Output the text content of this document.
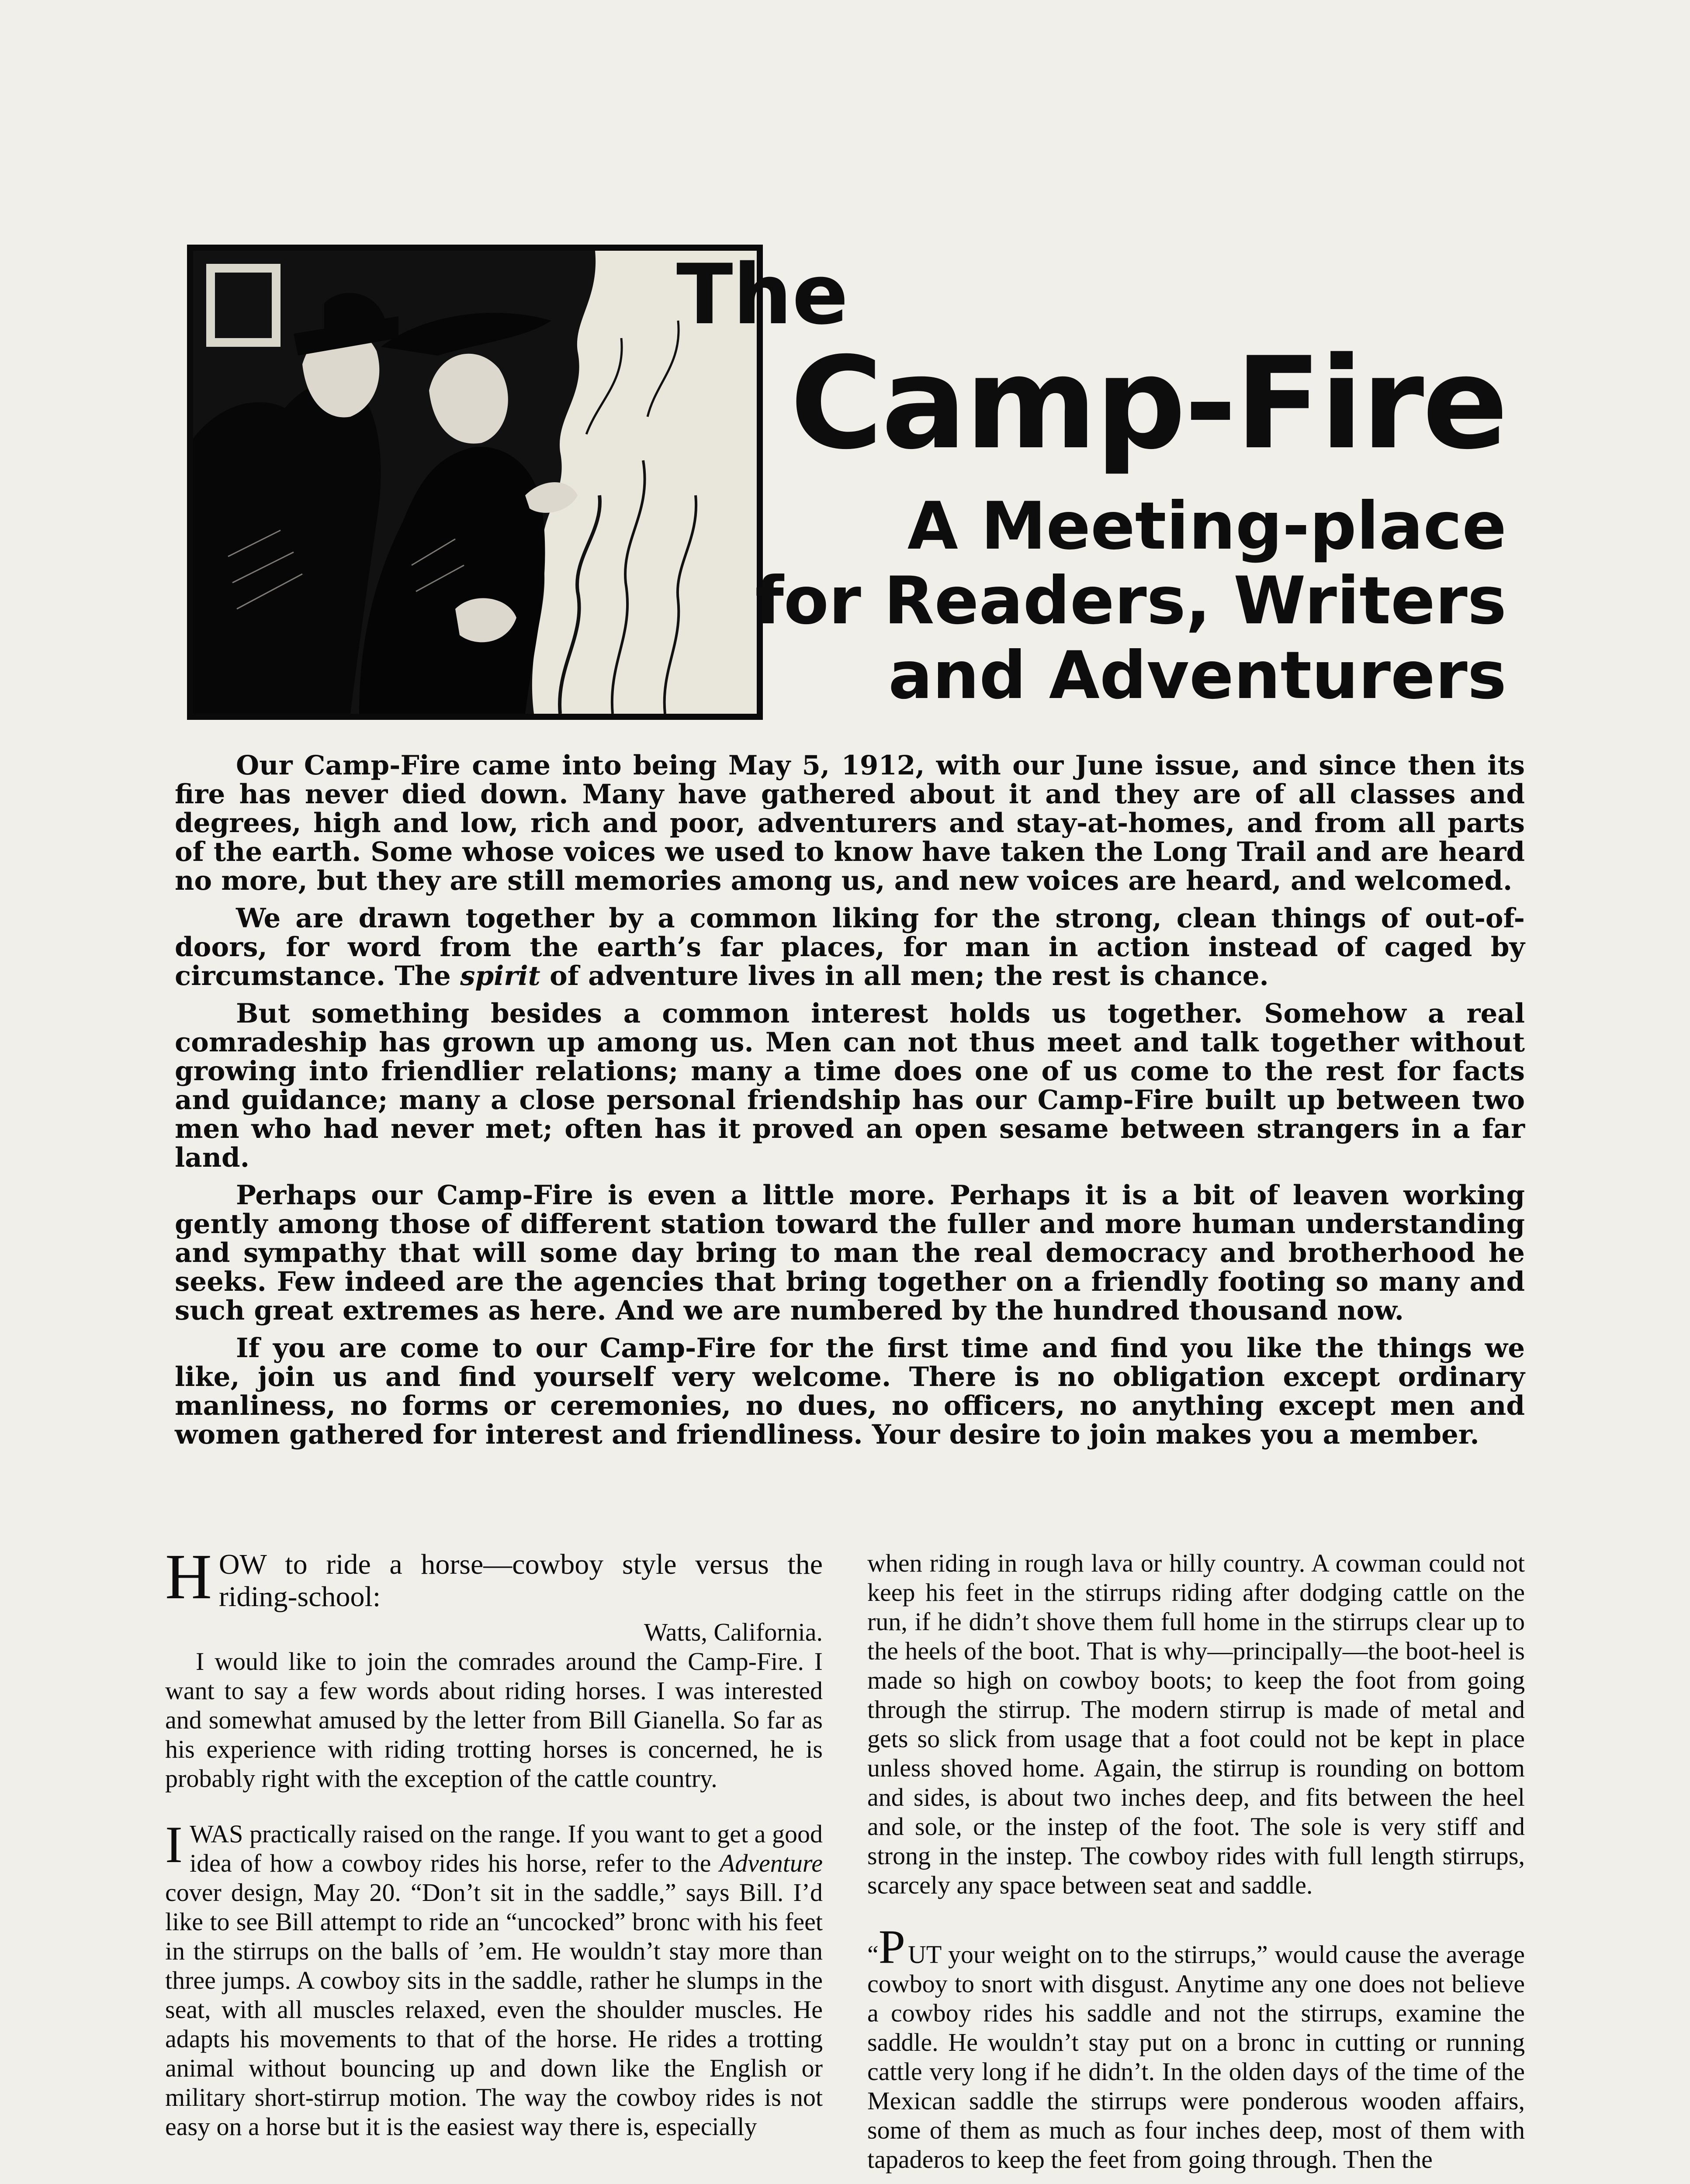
The
Camp-Fire
A Meeting-place
for Readers, Writers
and Adventurers

Our Camp-Fire came into being May 5, 1912, with our June issue, and since then its fire has never died down. Many have gathered about it and they are of all classes and degrees, high and low, rich and poor, adventurers and stay-at-homes, and from all parts of the earth. Some whose voices we used to know have taken the Long Trail and are heard no more, but they are still memories among us, and new voices are heard, and welcomed.

We are drawn together by a common liking for the strong, clean things of out-of-doors, for word from the earth’s far places, for man in action instead of caged by circumstance. The spirit of adventure lives in all men; the rest is chance.

But something besides a common interest holds us together. Somehow a real comradeship has grown up among us. Men can not thus meet and talk together without growing into friendlier relations; many a time does one of us come to the rest for facts and guidance; many a close personal friendship has our Camp-Fire built up between two men who had never met; often has it proved an open sesame between strangers in a far land.

Perhaps our Camp-Fire is even a little more. Perhaps it is a bit of leaven working gently among those of different station toward the fuller and more human understanding and sympathy that will some day bring to man the real democracy and brotherhood he seeks. Few indeed are the agencies that bring together on a friendly footing so many and such great extremes as here. And we are numbered by the hundred thousand now.

If you are come to our Camp-Fire for the first time and find you like the things we like, join us and find yourself very welcome. There is no obligation except ordinary manliness, no forms or ceremonies, no dues, no officers, no anything except men and women gathered for interest and friendliness. Your desire to join makes you a member.

H OW to ride a horse—cowboy style versus the riding-school:

Watts, California.

I would like to join the comrades around the Camp-Fire. I want to say a few words about riding horses. I was interested and somewhat amused by the letter from Bill Gianella. So far as his experience with riding trotting horses is concerned, he is probably right with the exception of the cattle country.

I WAS practically raised on the range. If you want to get a good idea of how a cowboy rides his horse, refer to the Adventure cover design, May 20. “Don’t sit in the saddle,” says Bill. I’d like to see Bill attempt to ride an “uncocked” bronc with his feet in the stirrups on the balls of ’em. He wouldn’t stay more than three jumps. A cowboy sits in the saddle, rather he slumps in the seat, with all muscles relaxed, even the shoulder muscles. He adapts his movements to that of the horse. He rides a trotting animal without bouncing up and down like the English or military short-stirrup motion. The way the cowboy rides is not easy on a horse but it is the easiest way there is, especially

when riding in rough lava or hilly country. A cowman could not keep his feet in the stirrups riding after dodging cattle on the run, if he didn’t shove them full home in the stirrups clear up to the heels of the boot. That is why—principally—the boot-heel is made so high on cowboy boots; to keep the foot from going through the stirrup. The modern stirrup is made of metal and gets so slick from usage that a foot could not be kept in place unless shoved home. Again, the stirrup is rounding on bottom and sides, is about two inches deep, and fits between the heel and sole, or the instep of the foot. The sole is very stiff and strong in the instep. The cowboy rides with full length stirrups, scarcely any space between seat and saddle.

“P UT your weight on to the stirrups,” would cause the average cowboy to snort with disgust. Anytime any one does not believe a cowboy rides his saddle and not the stirrups, examine the saddle. He wouldn’t stay put on a bronc in cutting or running cattle very long if he didn’t. In the olden days of the time of the Mexican saddle the stirrups were ponderous wooden affairs, some of them as much as four inches deep, most of them with tapaderos to keep the feet from going through. Then the
